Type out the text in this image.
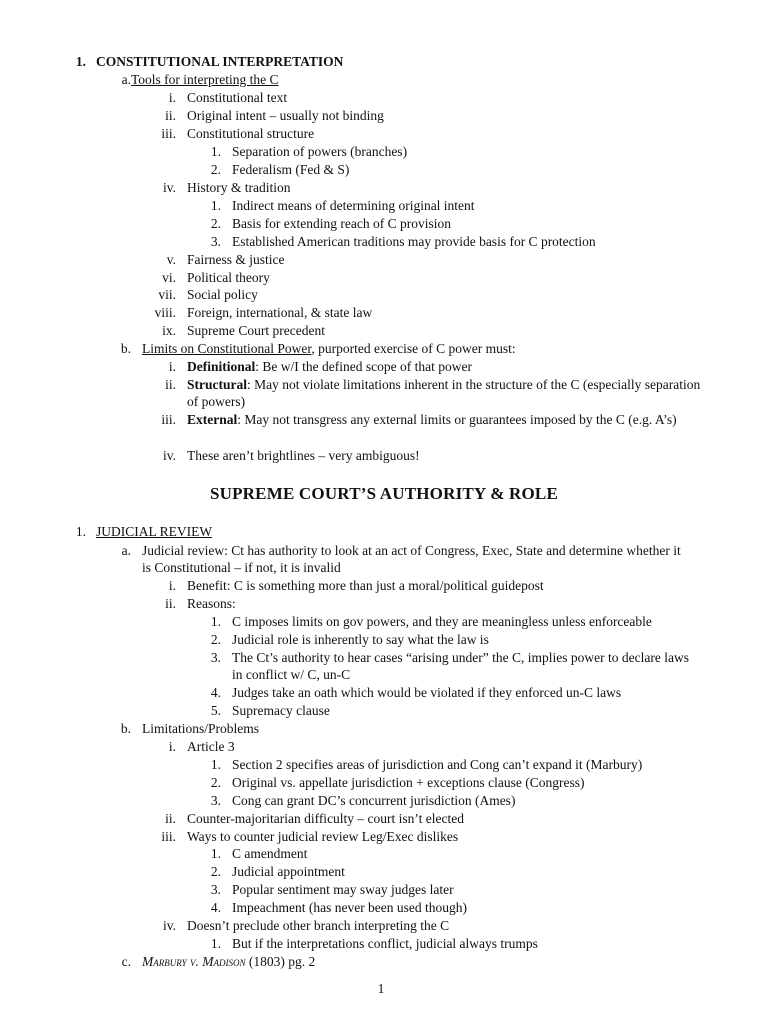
1. CONSTITUTIONAL INTERPRETATION
a. Tools for interpreting the C
i. Constitutional text
ii. Original intent – usually not binding
iii. Constitutional structure
1. Separation of powers (branches)
2. Federalism (Fed & S)
iv. History & tradition
1. Indirect means of determining original intent
2. Basis for extending reach of C provision
3. Established American traditions may provide basis for C protection
v. Fairness & justice
vi. Political theory
vii. Social policy
viii. Foreign, international, & state law
ix. Supreme Court precedent
b. Limits on Constitutional Power, purported exercise of C power must:
i. Definitional: Be w/I the defined scope of that power
ii. Structural: May not violate limitations inherent in the structure of the C (especially separation of powers)
iii. External: May not transgress any external limits or guarantees imposed by the C (e.g. A’s)
iv. These aren’t brightlines – very ambiguous!
SUPREME COURT’S AUTHORITY & ROLE
1. JUDICIAL REVIEW
a. Judicial review: Ct has authority to look at an act of Congress, Exec, State and determine whether it is Constitutional – if not, it is invalid
i. Benefit: C is something more than just a moral/political guidepost
ii. Reasons:
1. C imposes limits on gov powers, and they are meaningless unless enforceable
2. Judicial role is inherently to say what the law is
3. The Ct’s authority to hear cases “arising under” the C, implies power to declare laws in conflict w/ C, un-C
4. Judges take an oath which would be violated if they enforced un-C laws
5. Supremacy clause
b. Limitations/Problems
i. Article 3
1. Section 2 specifies areas of jurisdiction and Cong can’t expand it (Marbury)
2. Original vs. appellate jurisdiction + exceptions clause (Congress)
3. Cong can grant DC’s concurrent jurisdiction (Ames)
ii. Counter-majoritarian difficulty – court isn’t elected
iii. Ways to counter judicial review Leg/Exec dislikes
1. C amendment
2. Judicial appointment
3. Popular sentiment may sway judges later
4. Impeachment (has never been used though)
iv. Doesn’t preclude other branch interpreting the C
1. But if the interpretations conflict, judicial always trumps
c. Marbury v. Madison (1803) pg. 2
1
